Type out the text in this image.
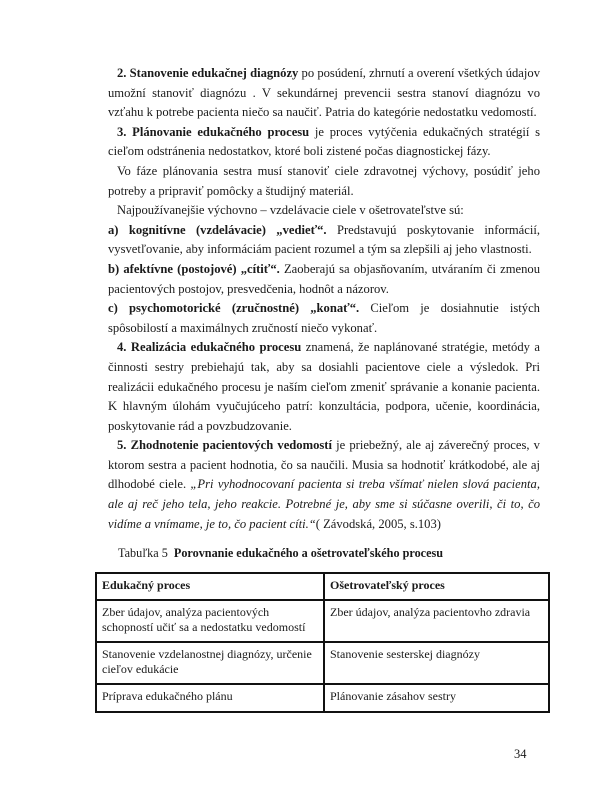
2. Stanovenie edukačnej diagnózy po posúdení, zhrnutí a overení všetkých údajov umožní stanoviť diagnózu . V sekundárnej prevencii sestra stanoví diagnózu vo vzťahu k potrebe pacienta niečo sa naučiť. Patria do kategórie nedostatku vedomostí.

3. Plánovanie edukačného procesu je proces vytýčenia edukačných stratégií s cieľom odstránenia nedostatkov, ktoré boli zistené počas diagnostickej fázy.

Vo fáze plánovania sestra musí stanoviť ciele zdravotnej výchovy, posúdiť jeho potreby a pripraviť pomôcky a študijný materiál.

Najpoužívanejšie výchovno – vzdelávacie ciele v ošetrovateľstve sú:

a) kognitívne (vzdelávacie) „vedieť“. Predstavujú poskytovanie informácií, vysvetľovanie, aby informáciám pacient rozumel a tým sa zlepšili aj jeho vlastnosti.

b) afektívne (postojové) „cítiť“. Zaoberajú sa objasňovaním, utváraním či zmenou pacientových postojov, presvedčenia, hodnôt a názorov.

c) psychomotorické (zručnostné) „konať“. Cieľom je dosiahnutie istých spôsobilostí a maximálnych zručností niečo vykonať.

4. Realizácia edukačného procesu znamená, že naplánované stratégie, metódy a činnosti sestry prebiehajú tak, aby sa dosiahli pacientove ciele a výsledok. Pri realizácii edukačného procesu je naším cieľom zmeniť správanie a konanie pacienta. K hlavným úlohám vyučujúceho patrí: konzultácia, podpora, učenie, koordinácia, poskytovanie rád a povzbudzovanie.

5. Zhodnotenie pacientových vedomostí je priebežný, ale aj záverečný proces, v ktorom sestra a pacient hodnotia, čo sa naučili. Musia sa hodnotiť krátkodobé, ale aj dlhodobé ciele. „Pri vyhodnocovaní pacienta si treba všímať nielen slová pacienta, ale aj reč jeho tela, jeho reakcie. Potrebné je, aby sme si súčasne overili, či to, čo vidíme a vnímame, je to, čo pacient cíti.“( Závodská, 2005, s.103)

Tabuľka 5 Porovnanie edukačného a ošetrovateľského procesu
Edukačný proces	Ošetrovateľský proces
Zber údajov, analýza pacientových schopností učiť sa a nedostatku vedomostí	Zber údajov, analýza pacientovho zdravia
Stanovenie vzdelanostnej diagnózy, určenie cieľov edukácie	Stanovenie sesterskej diagnózy
Príprava edukačného plánu	Plánovanie zásahov sestry
34
